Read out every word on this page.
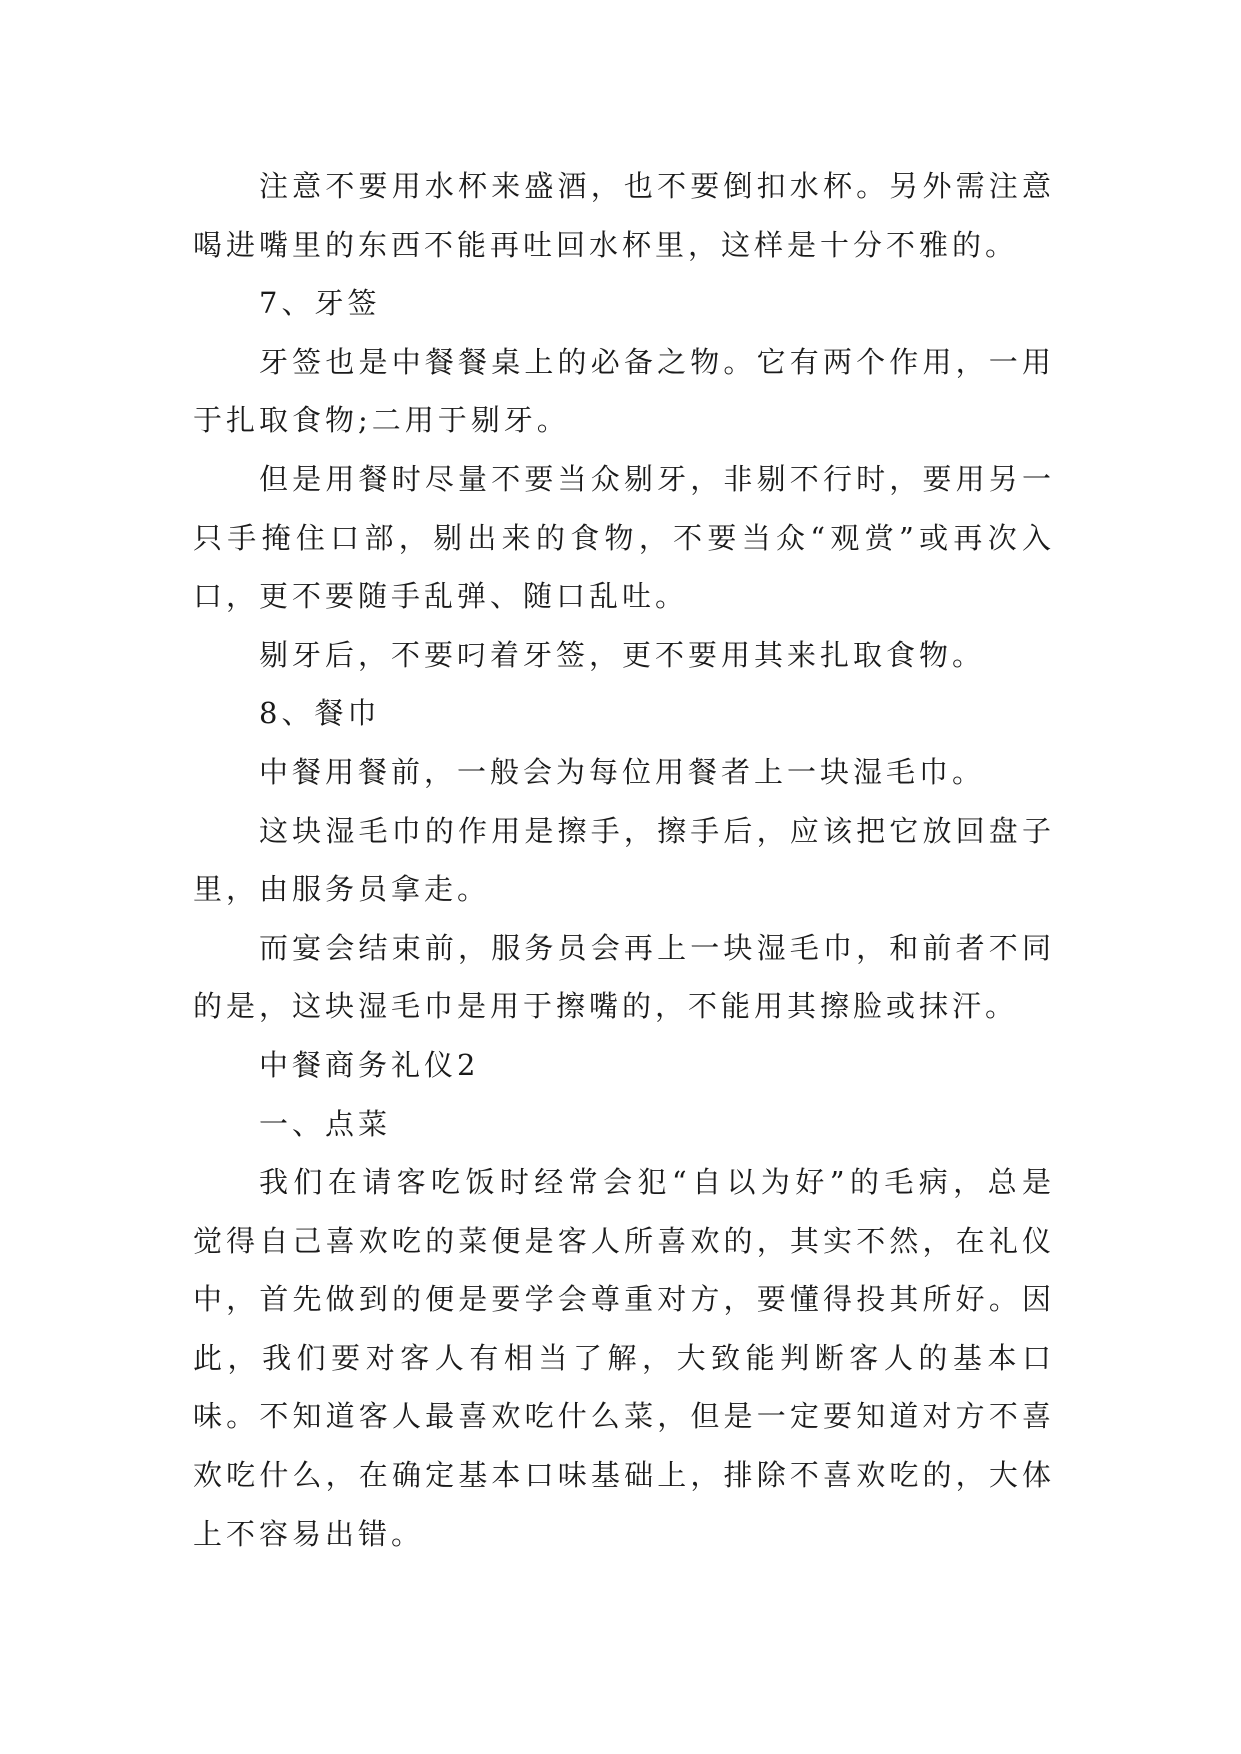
注意不要用水杯来盛酒，也不要倒扣水杯。另外需注意喝进嘴里的东西不能再吐回水杯里，这样是十分不雅的。

7、牙签

牙签也是中餐餐桌上的必备之物。它有两个作用，一用于扎取食物;二用于剔牙。

但是用餐时尽量不要当众剔牙，非剔不行时，要用另一只手掩住口部，剔出来的食物，不要当众“观赏”或再次入口，更不要随手乱弹、随口乱吐。

剔牙后，不要叼着牙签，更不要用其来扎取食物。

8、餐巾

中餐用餐前，一般会为每位用餐者上一块湿毛巾。

这块湿毛巾的作用是擦手，擦手后，应该把它放回盘子里，由服务员拿走。

而宴会结束前，服务员会再上一块湿毛巾，和前者不同的是，这块湿毛巾是用于擦嘴的，不能用其擦脸或抹汗。

中餐商务礼仪2

一、点菜

我们在请客吃饭时经常会犯“自以为好”的毛病，总是觉得自己喜欢吃的菜便是客人所喜欢的，其实不然，在礼仪中，首先做到的便是要学会尊重对方，要懂得投其所好。因此，我们要对客人有相当了解，大致能判断客人的基本口味。不知道客人最喜欢吃什么菜，但是一定要知道对方不喜欢吃什么，在确定基本口味基础上，排除不喜欢吃的，大体上不容易出错。
